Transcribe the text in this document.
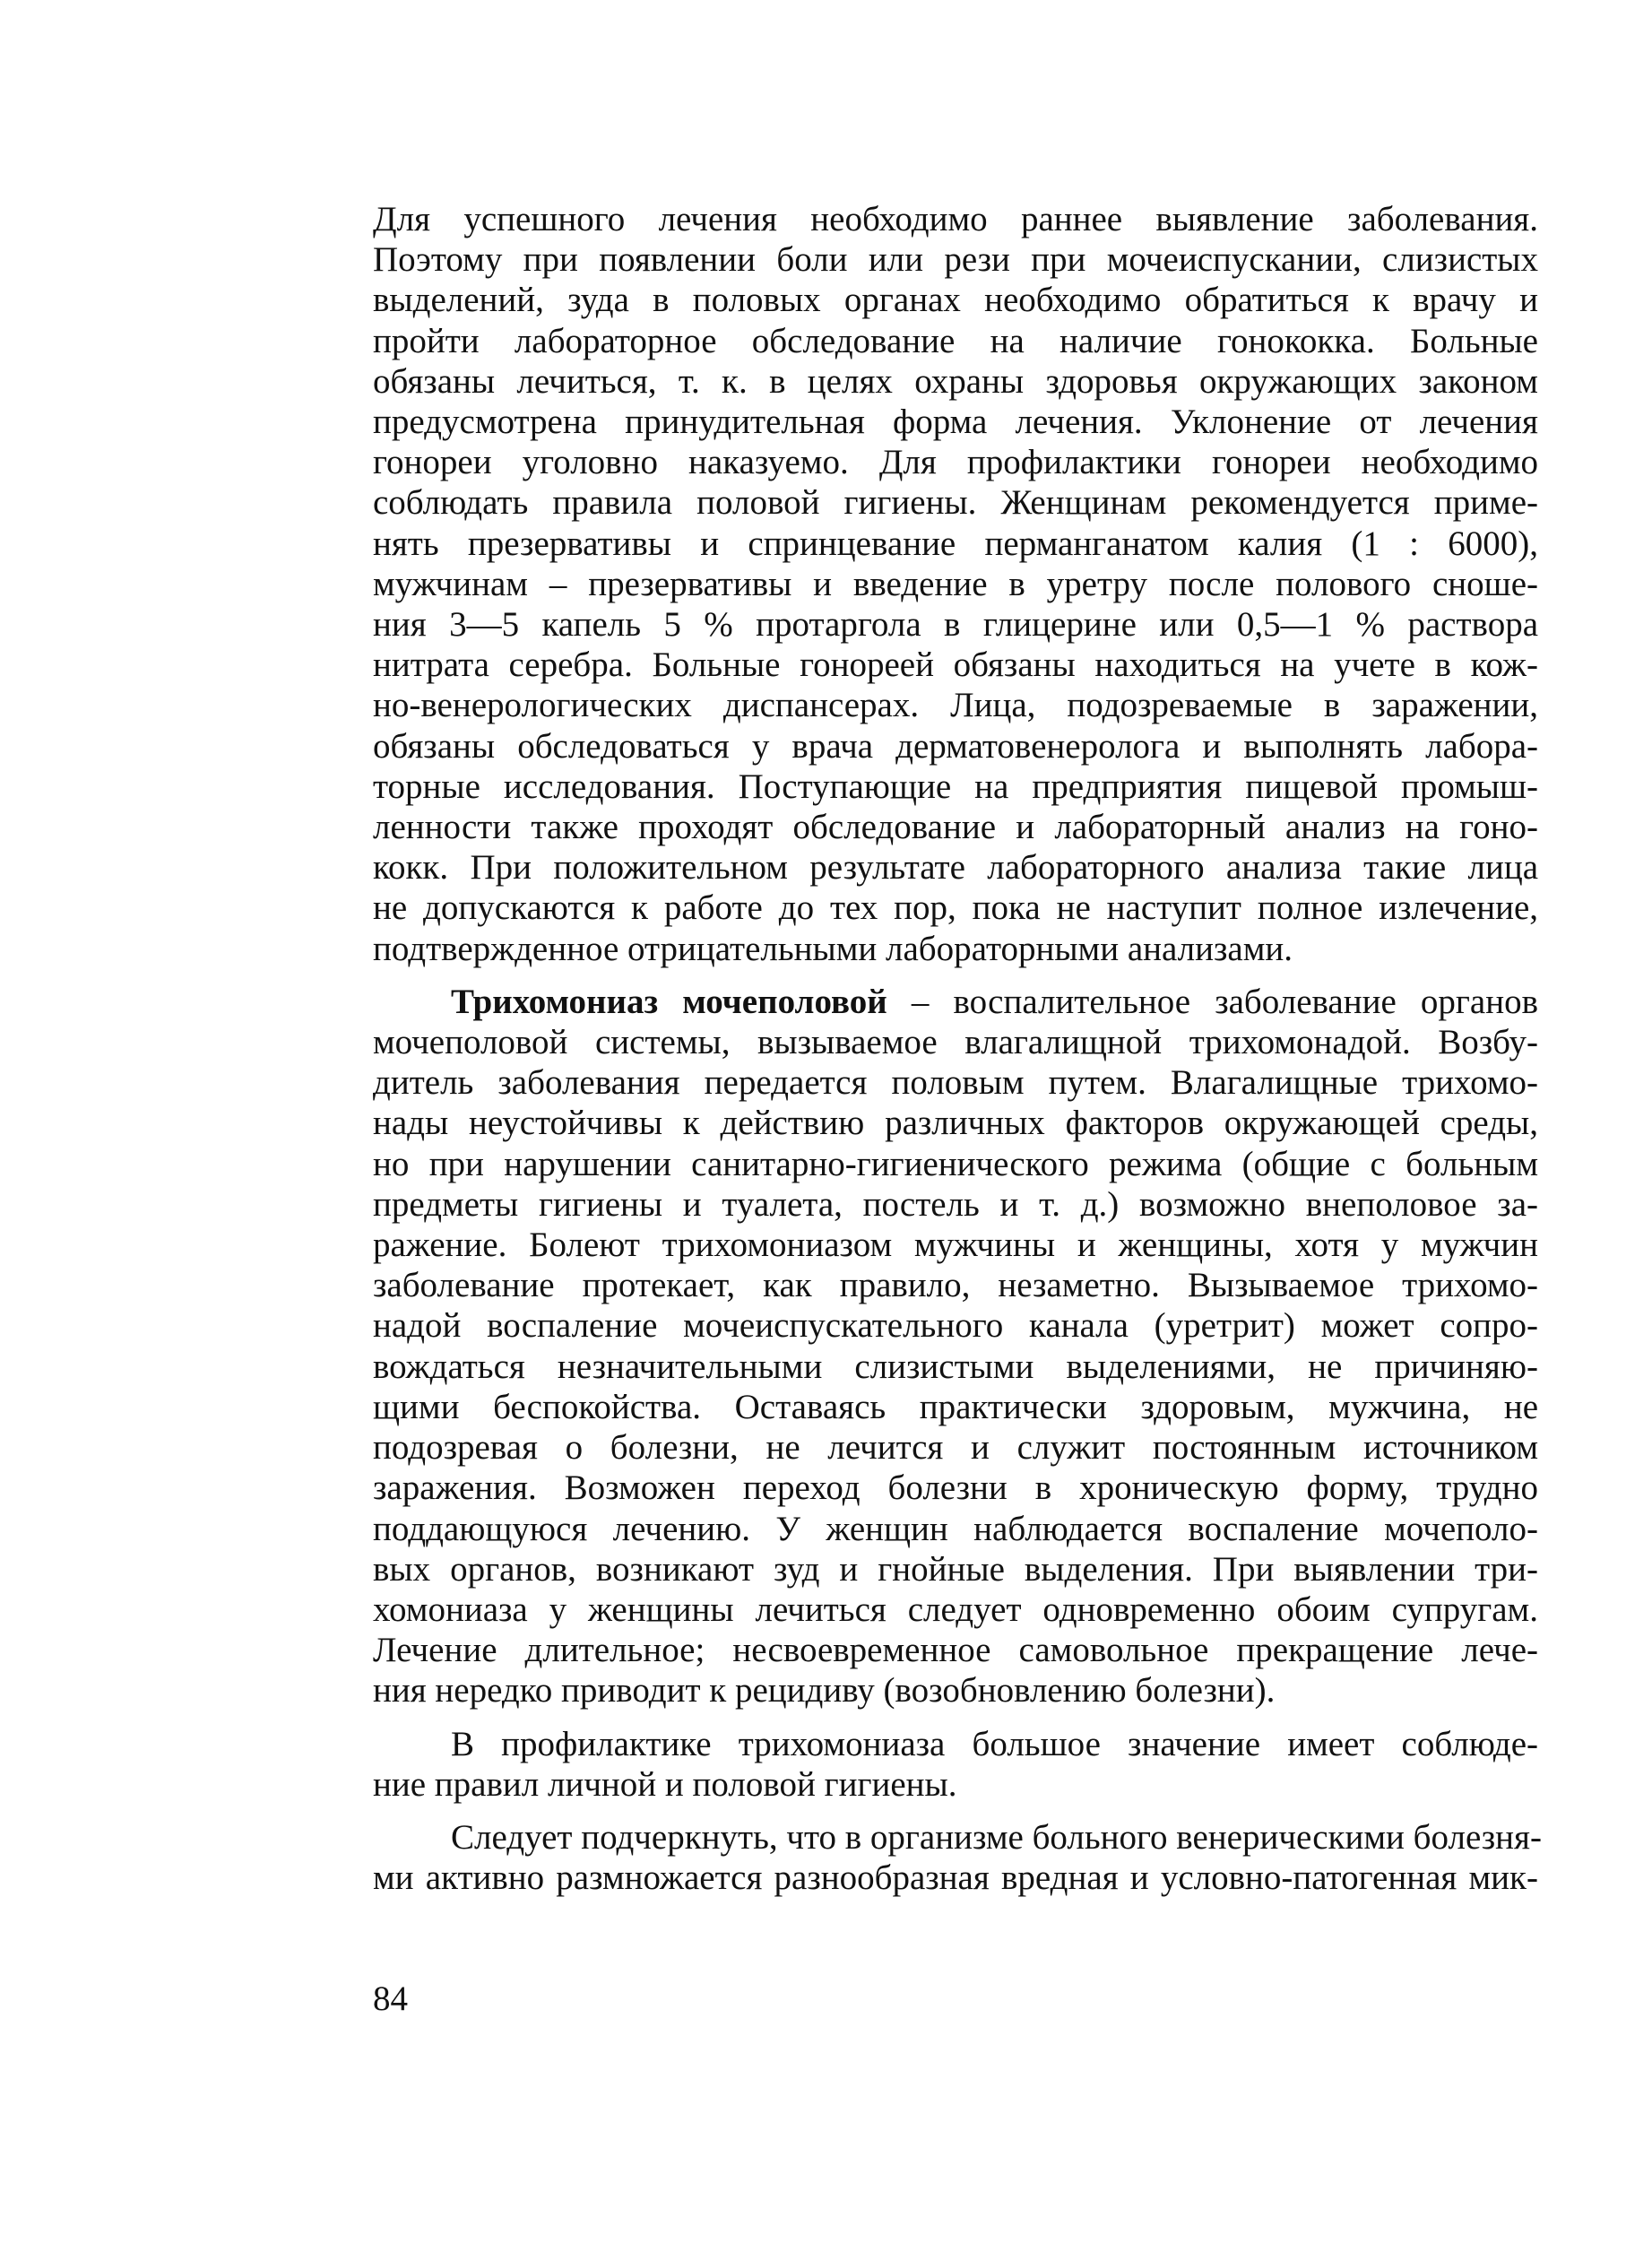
Для успешного лечения необходимо раннее выявление заболевания.
Поэтому при появлении боли или рези при мочеиспускании, слизистых
выделений, зуда в половых органах необходимо обратиться к врачу и
пройти лабораторное обследование на наличие гонококка. Больные
обязаны лечиться, т. к. в целях охраны здоровья окружающих законом
предусмотрена принудительная форма лечения. Уклонение от лечения
гонореи уголовно наказуемо. Для профилактики гонореи необходимо
соблюдать правила половой гигиены. Женщинам рекомендуется приме-
нять презервативы и спринцевание перманганатом калия (1 : 6000),
мужчинам – презервативы и введение в уретру после полового сноше-
ния 3—5 капель 5 % протаргола в глицерине или 0,5—1 % раствора
нитрата серебра. Больные гонореей обязаны находиться на учете в кож-
но-венерологических диспансерах. Лица, подозреваемые в заражении,
обязаны обследоваться у врача дерматовенеролога и выполнять лабора-
торные исследования. Поступающие на предприятия пищевой промыш-
ленности также проходят обследование и лабораторный анализ на гоно-
кокк. При положительном результате лабораторного анализа такие лица
не допускаются к работе до тех пор, пока не наступит полное излечение,
подтвержденное отрицательными лабораторными анализами.
Трихомониаз мочеполовой – воспалительное заболевание органов
мочеполовой системы, вызываемое влагалищной трихомонадой. Возбу-
дитель заболевания передается половым путем. Влагалищные трихомо-
нады неустойчивы к действию различных факторов окружающей среды,
но при нарушении санитарно-гигиенического режима (общие с больным
предметы гигиены и туалета, постель и т. д.) возможно внеполовое за-
ражение. Болеют трихомониазом мужчины и женщины, хотя у мужчин
заболевание протекает, как правило, незаметно. Вызываемое трихомо-
надой воспаление мочеиспускательного канала (уретрит) может сопро-
вождаться незначительными слизистыми выделениями, не причиняю-
щими беспокойства. Оставаясь практически здоровым, мужчина, не
подозревая о болезни, не лечится и служит постоянным источником
заражения. Возможен переход болезни в хроническую форму, трудно
поддающуюся лечению. У женщин наблюдается воспаление мочеполо-
вых органов, возникают зуд и гнойные выделения. При выявлении три-
хомониаза у женщины лечиться следует одновременно обоим супругам.
Лечение длительное; несвоевременное самовольное прекращение лече-
ния нередко приводит к рецидиву (возобновлению болезни).
В профилактике трихомониаза большое значение имеет соблюде-
ние правил личной и половой гигиены.
Следует подчеркнуть, что в организме больного венерическими болезня-
ми активно размножается разнообразная вредная и условно-патогенная мик-
84
